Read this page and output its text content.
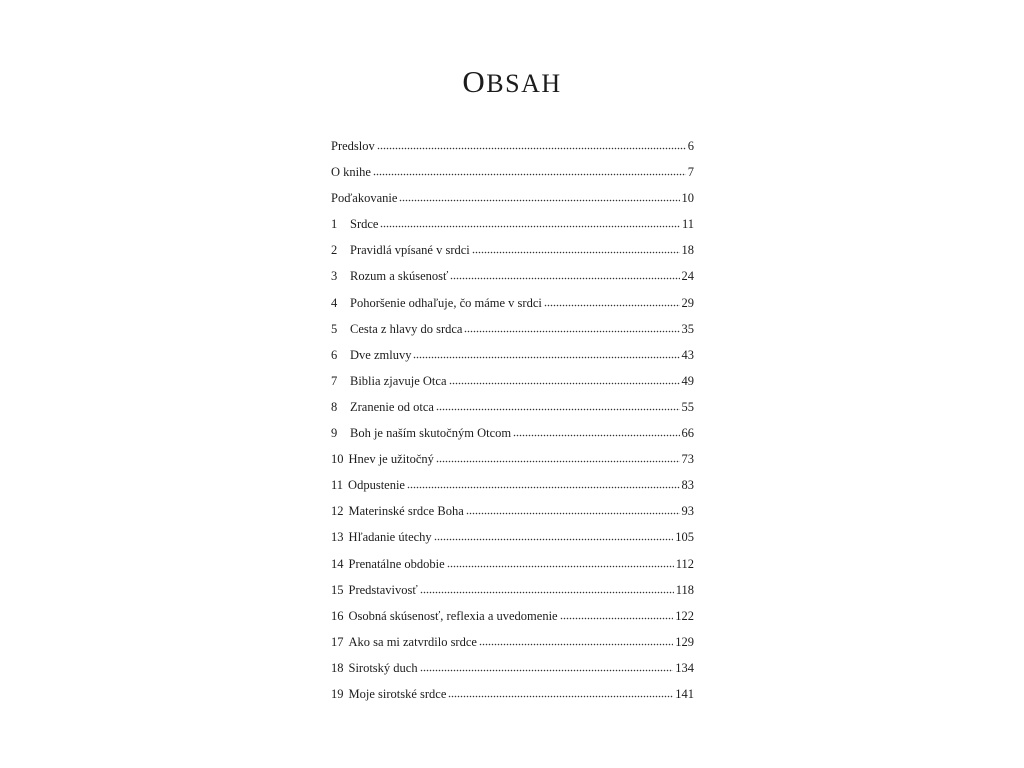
OBSAH
Predslov	6
O knihe	7
Poďakovanie	10
1	Srdce	11
2	Pravidlá vpísané v srdci	18
3	Rozum a skúsenosť	24
4	Pohoršenie odhaľuje, čo máme v srdci	29
5	Cesta z hlavy do srdca	35
6	Dve zmluvy	43
7	Biblia zjavuje Otca	49
8	Zranenie od otca	55
9	Boh je naším skutočným Otcom	66
10 Hnev je užitočný	73
11 Odpustenie	83
12 Materinské srdce Boha	93
13 Hľadanie útechy	105
14 Prenatálne obdobie	112
15 Predstavivosť	118
16 Osobná skúsenosť, reflexia a uvedomenie	122
17 Ako sa mi zatvrdilo srdce	129
18 Sirotský duch	134
19 Moje sirotské srdce	141
